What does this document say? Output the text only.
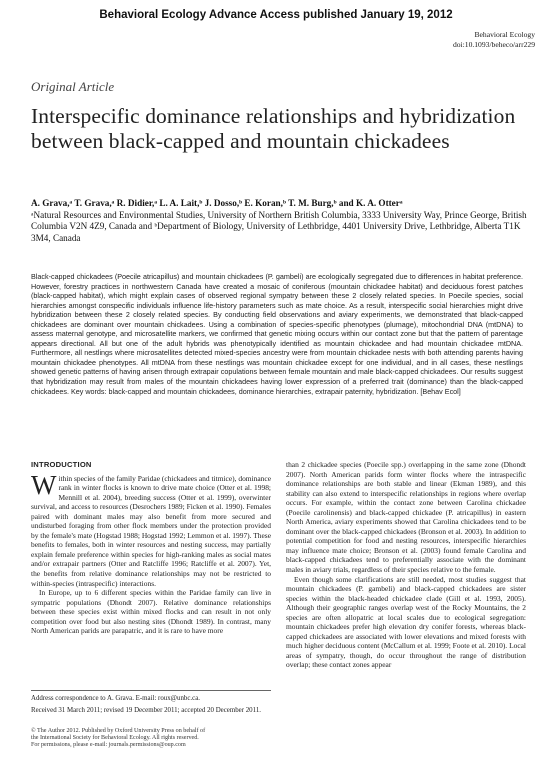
Behavioral Ecology Advance Access published January 19, 2012
Behavioral Ecology
doi:10.1093/beheco/arr229
Original Article
Interspecific dominance relationships and hybridization between black-capped and mountain chickadees
A. Grava,ᵃ T. Grava,ᵃ R. Didier,ᵃ L. A. Lait,ᵇ J. Dosso,ᵇ E. Koran,ᵇ T. M. Burg,ᵇ and K. A. Otterᵃ
ᵃNatural Resources and Environmental Studies, University of Northern British Columbia, 3333 University Way, Prince George, British Columbia V2N 4Z9, Canada and ᵇDepartment of Biology, University of Lethbridge, 4401 University Drive, Lethbridge, Alberta T1K 3M4, Canada
Black-capped chickadees (Poecile atricapillus) and mountain chickadees (P. gambeli) are ecologically segregated due to differences in habitat preference. However, forestry practices in northwestern Canada have created a mosaic of coniferous (mountain chickadee habitat) and deciduous forest patches (black-capped habitat), which might explain cases of observed regional sympatry between these 2 closely related species. In Poecile species, social hierarchies amongst conspecific individuals influence life-history parameters such as mate choice. As a result, interspecific social hierarchies might drive hybridization between these 2 closely related species. By conducting field observations and aviary experiments, we demonstrated that black-capped chickadees are dominant over mountain chickadees. Using a combination of species-specific phenotypes (plumage), mitochondrial DNA (mtDNA) to assess maternal genotype, and microsatellite markers, we confirmed that genetic mixing occurs within our contact zone but that the pattern of parentage appears directional. All but one of the adult hybrids was phenotypically identified as mountain chickadee and had mountain chickadee mtDNA. Furthermore, all nestlings where microsatellites detected mixed-species ancestry were from mountain chickadee nests with both attending parents having mountain chickadee phenotypes. All mtDNA from these nestlings was mountain chickadee except for one individual, and in all cases, these nestlings showed genetic patterns of having arisen through extrapair copulations between female mountain and male black-capped chickadees. Our results suggest that hybridization may result from males of the mountain chickadees having lower expression of a preferred trait (dominance) than the black-capped chickadees. Key words: black-capped and mountain chickadees, dominance hierarchies, extrapair paternity, hybridization. [Behav Ecol]
INTRODUCTION

Within species of the family Paridae (chickadees and titmice), dominance rank in winter flocks is known to drive mate choice (Otter et al. 1998; Mennill et al. 2004), breeding success (Otter et al. 1999), overwinter survival, and access to resources (Desrochers 1989; Ficken et al. 1990). Females paired with dominant males may also benefit from more secured and undisturbed foraging from other flock members under the protection provided by the female's mate (Hogstad 1988; Hogstad 1992; Lemmon et al. 1997). These benefits to females, both in winter resources and nesting success, may partially explain female preference within species for high-ranking males as social mates and/or extrapair partners (Otter and Ratcliffe 1996; Ratcliffe et al. 2007). Yet, the benefits from relative dominance relationships may not be restricted to within-species (intraspecific) interactions.

In Europe, up to 6 different species within the Paridae family can live in sympatric populations (Dhondt 2007). Relative dominance relationships between these species exist within mixed flocks and can result in not only competition over food but also nesting sites (Dhondt 1989). In contrast, many North American parids are parapatric, and it is rare to have more

than 2 chickadee species (Poecile spp.) overlapping in the same zone (Dhondt 2007). North American parids form winter flocks where the intraspecific dominance relationships are both stable and linear (Ekman 1989), and this stability can also extend to interspecific relationships in regions where overlap occurs. For example, within the contact zone between Carolina chickadee (Poecile carolinensis) and black-capped chickadee (P. atricapillus) in eastern North America, aviary experiments showed that Carolina chickadees tend to be dominant over the black-capped chickadees (Bronson et al. 2003). In addition to potential competition for food and nesting resources, interspecific hierarchies may influence mate choice; Bronson et al. (2003) found female Carolina and black-capped chickadees tend to preferentially associate with the dominant males in aviary trials, regardless of their species relative to the female.

Even though some clarifications are still needed, most studies suggest that mountain chickadees (P. gambeli) and black-capped chickadees are sister species within the black-headed chickadee clade (Gill et al. 1993, 2005). Although their geographic ranges overlap west of the Rocky Mountains, the 2 species are often allopatric at local scales due to ecological segregation: mountain chickadees prefer high elevation dry conifer forests, whereas black-capped chickadees are associated with lower elevations and mixed forests with much higher deciduous content (McCallum et al. 1999; Foote et al. 2010). Local areas of sympatry, though, do occur throughout the range of distribution overlap; these contact zones appear

Address correspondence to A. Grava. E-mail: roux@unbc.ca.

Received 31 March 2011; revised 19 December 2011; accepted 20 December 2011.

© The Author 2012. Published by Oxford University Press on behalf of

the International Society for Behavioral Ecology. All rights reserved.

For permissions, please e-mail: journals.permissions@oup.com
